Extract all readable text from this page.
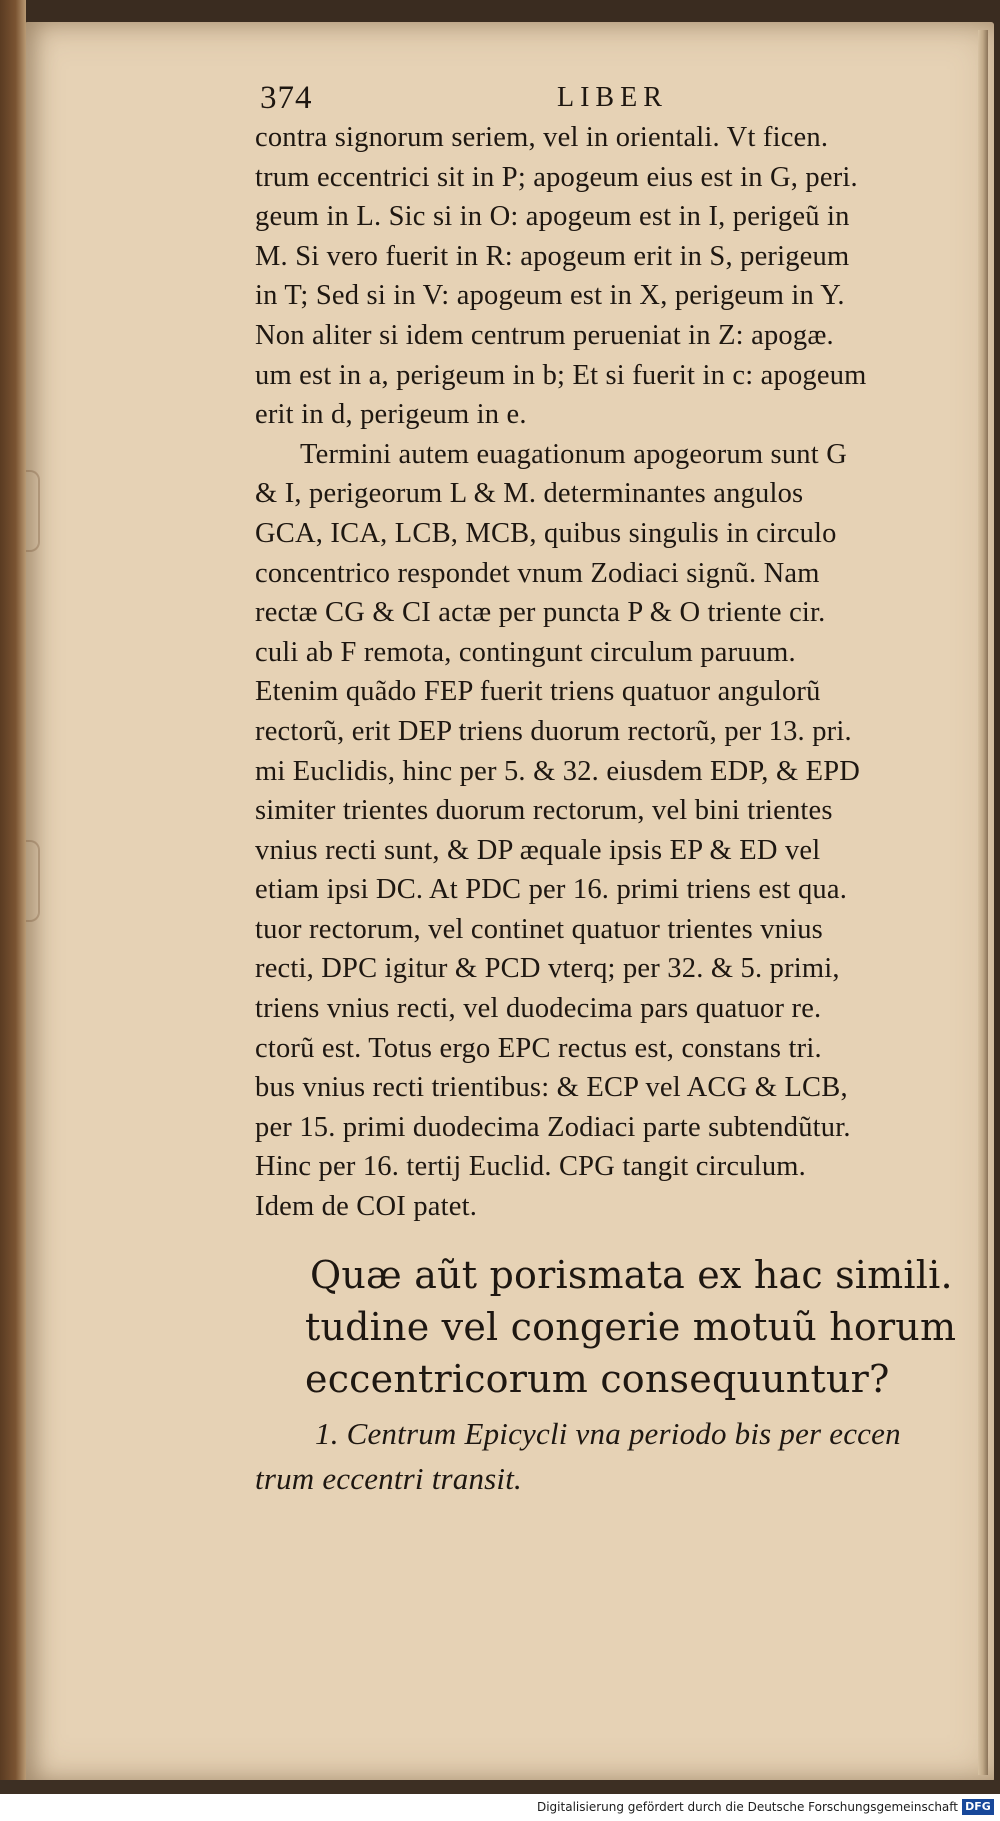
374	LIBER
contra signorum seriem, vel in orientali. Vt ficen.
trum eccentrici sit in P; apogeum eius est in G, peri.
geum in L. Sic si in O: apogeum est in I, perigeũ in
M. Si vero fuerit in R: apogeum erit in S, perigeum
in T; Sed si in V: apogeum est in X, perigeum in Y.
Non aliter si idem centrum perueniat in Z: apogæ.
um est in a, perigeum in b; Et si fuerit in c: apogeum
erit in d, perigeum in e.
Termini autem euagationum apogeorum sunt G
& I, perigeorum L & M. determinantes angulos
GCA, ICA, LCB, MCB, quibus singulis in circulo
concentrico respondet vnum Zodiaci signũ. Nam
rectæ CG & CI actæ per puncta P & O triente cir.
culi ab F remota, contingunt circulum paruum.
Etenim quãdo FEP fuerit triens quatuor angulorũ
rectorũ, erit DEP triens duorum rectorũ, per 13. pri.
mi Euclidis, hinc per 5. & 32. eiusdem EDP, & EPD
simiter trientes duorum rectorum, vel bini trientes
vnius recti sunt, & DP æquale ipsis EP & ED vel
etiam ipsi DC. At PDC per 16. primi triens est qua.
tuor rectorum, vel continet quatuor trientes vnius
recti, DPC igitur & PCD vterq; per 32. & 5. primi,
triens vnius recti, vel duodecima pars quatuor re.
ctorũ est. Totus ergo EPC rectus est, constans tri.
bus vnius recti trientibus: & ECP vel ACG & LCB,
per 15. primi duodecima Zodiaci parte subtendũtur.
Hinc per 16. tertij Euclid. CPG tangit circulum.
Idem de COI patet.
Quæ aũt porismata ex hac simili.
tudine vel congerie motuũ horum
eccentricorum consequuntur?
1. Centrum Epicycli vna periodo bis per eccen
trum eccentri transit.
Digitalisierung gefördert durch die Deutsche Forschungsgemeinschaft DFG
